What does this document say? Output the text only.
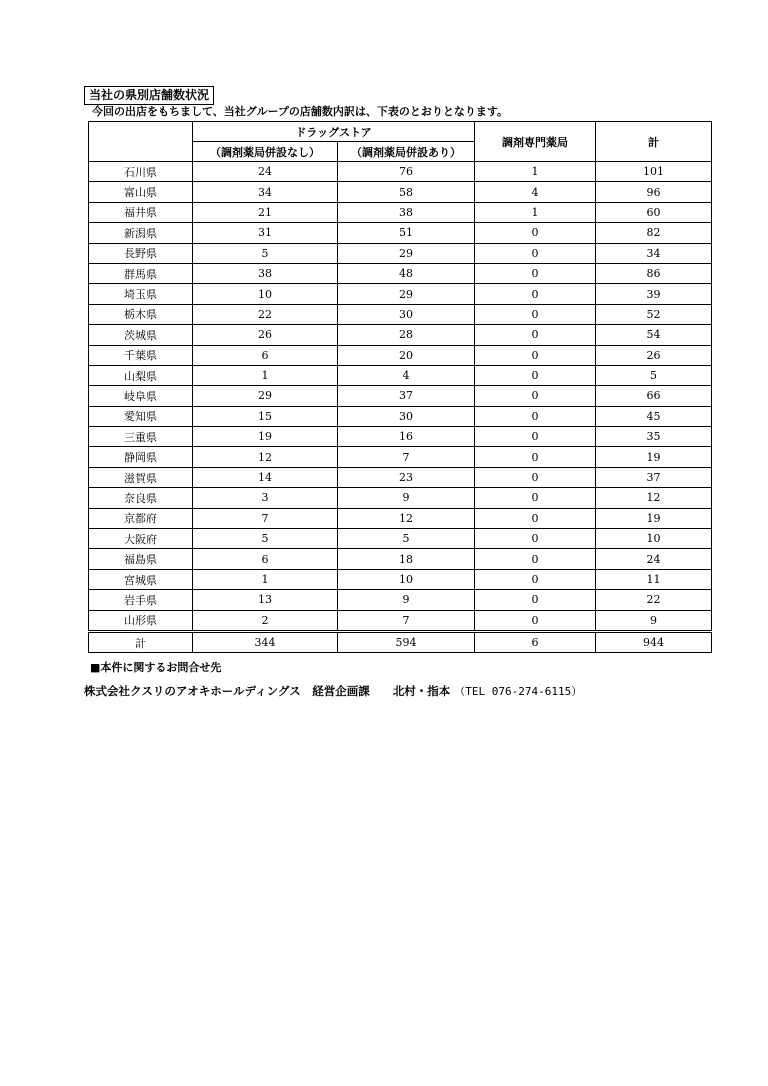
当社の県別店舗数状況
今回の出店をもちまして、当社グループの店舗数内訳は、下表のとおりとなります。
	ドラッグストア		調剤専門薬局	計
	（調剤薬局併設なし）	（調剤薬局併設あり）		
石川県	24	76	1	101
富山県	34	58	4	96
福井県	21	38	1	60
新潟県	31	51	0	82
長野県	5	29	0	34
群馬県	38	48	0	86
埼玉県	10	29	0	39
栃木県	22	30	0	52
茨城県	26	28	0	54
千葉県	6	20	0	26
山梨県	1	4	0	5
岐阜県	29	37	0	66
愛知県	15	30	0	45
三重県	19	16	0	35
静岡県	12	7	0	19
滋賀県	14	23	0	37
奈良県	3	9	0	12
京都府	7	12	0	19
大阪府	5	5	0	10
福島県	6	18	0	24
宮城県	1	10	0	11
岩手県	13	9	0	22
山形県	2	7	0	9
計	344	594	6	944
■本件に関するお問合せ先
株式会社クスリのアオキホールディングス　経営企画課　　北村・指本 （TEL 076-274-6115）
